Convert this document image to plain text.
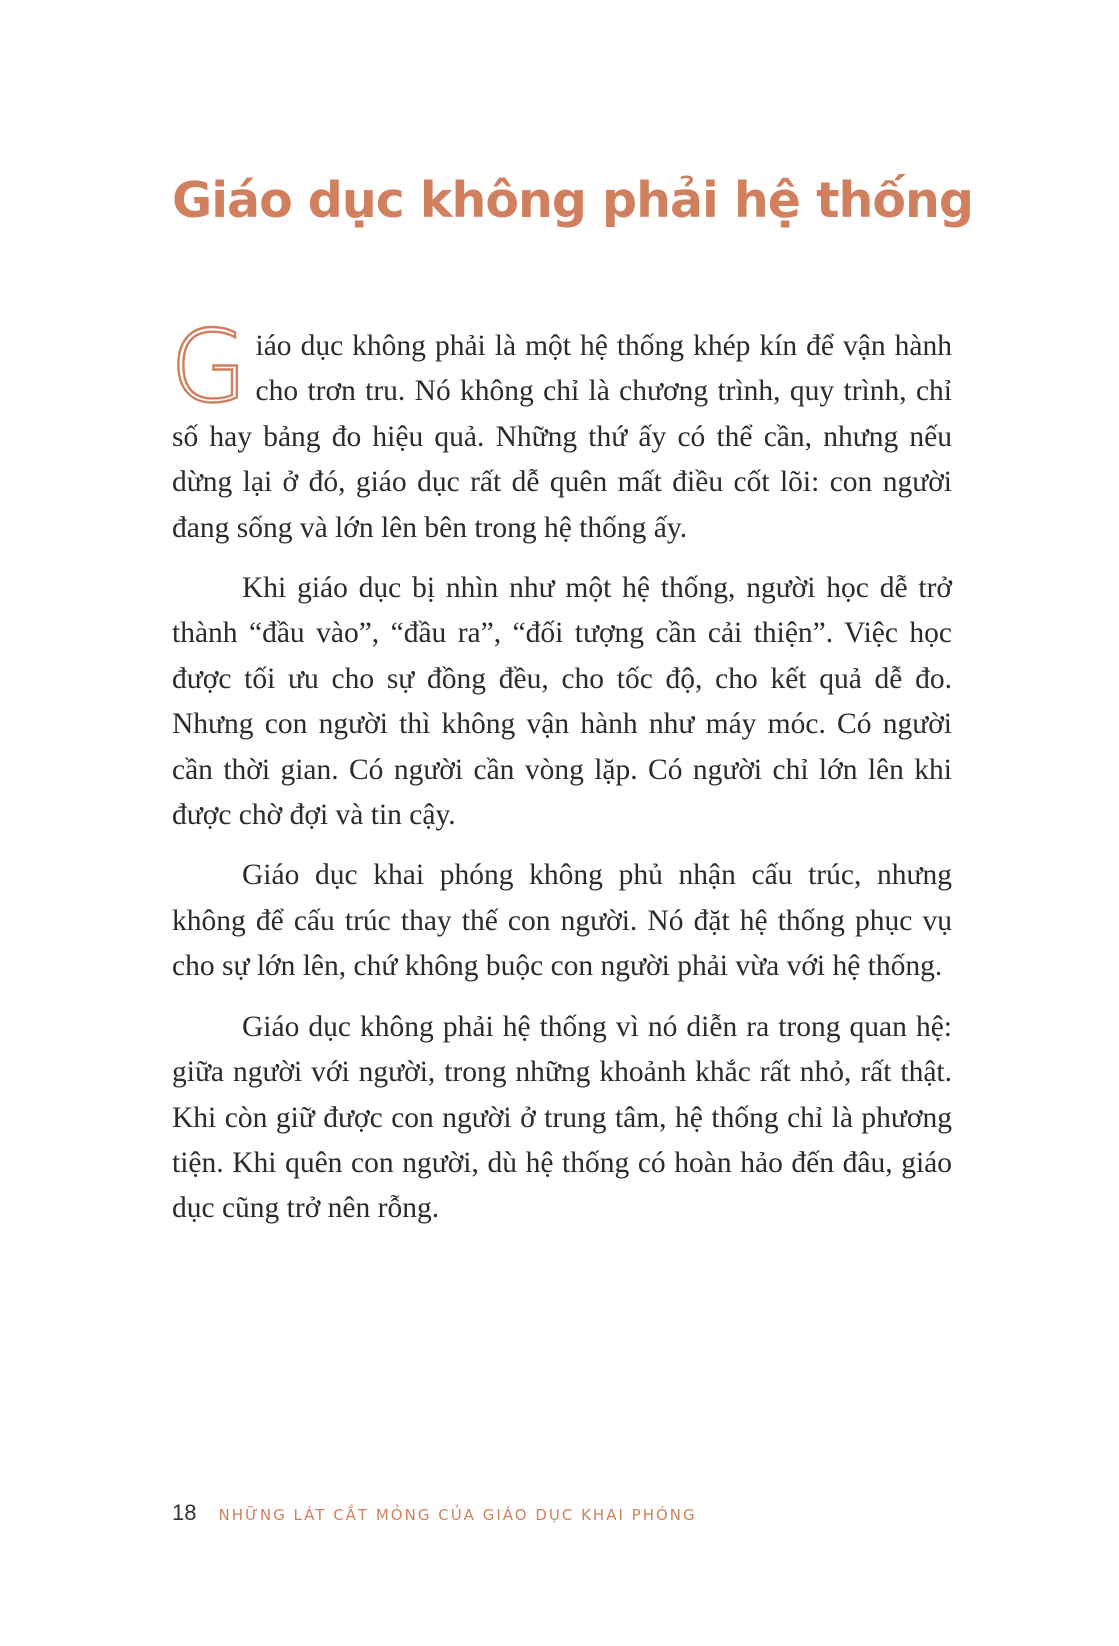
Giáo dục không phải hệ thống

Giáo dục không phải là một hệ thống khép kín để vận hành cho trơn tru. Nó không chỉ là chương trình, quy trình, chỉ số hay bảng đo hiệu quả. Những thứ ấy có thể cần, nhưng nếu dừng lại ở đó, giáo dục rất dễ quên mất điều cốt lõi: con người đang sống và lớn lên bên trong hệ thống ấy.

Khi giáo dục bị nhìn như một hệ thống, người học dễ trở thành “đầu vào”, “đầu ra”, “đối tượng cần cải thiện”. Việc học được tối ưu cho sự đồng đều, cho tốc độ, cho kết quả dễ đo. Nhưng con người thì không vận hành như máy móc. Có người cần thời gian. Có người cần vòng lặp. Có người chỉ lớn lên khi được chờ đợi và tin cậy.

Giáo dục khai phóng không phủ nhận cấu trúc, nhưng không để cấu trúc thay thế con người. Nó đặt hệ thống phục vụ cho sự lớn lên, chứ không buộc con người phải vừa với hệ thống.

Giáo dục không phải hệ thống vì nó diễn ra trong quan hệ: giữa người với người, trong những khoảnh khắc rất nhỏ, rất thật. Khi còn giữ được con người ở trung tâm, hệ thống chỉ là phương tiện. Khi quên con người, dù hệ thống có hoàn hảo đến đâu, giáo dục cũng trở nên rỗng.

18 NHỮNG LÁT CẮT MỎNG CỦA GIÁO DỤC KHAI PHÓNG
